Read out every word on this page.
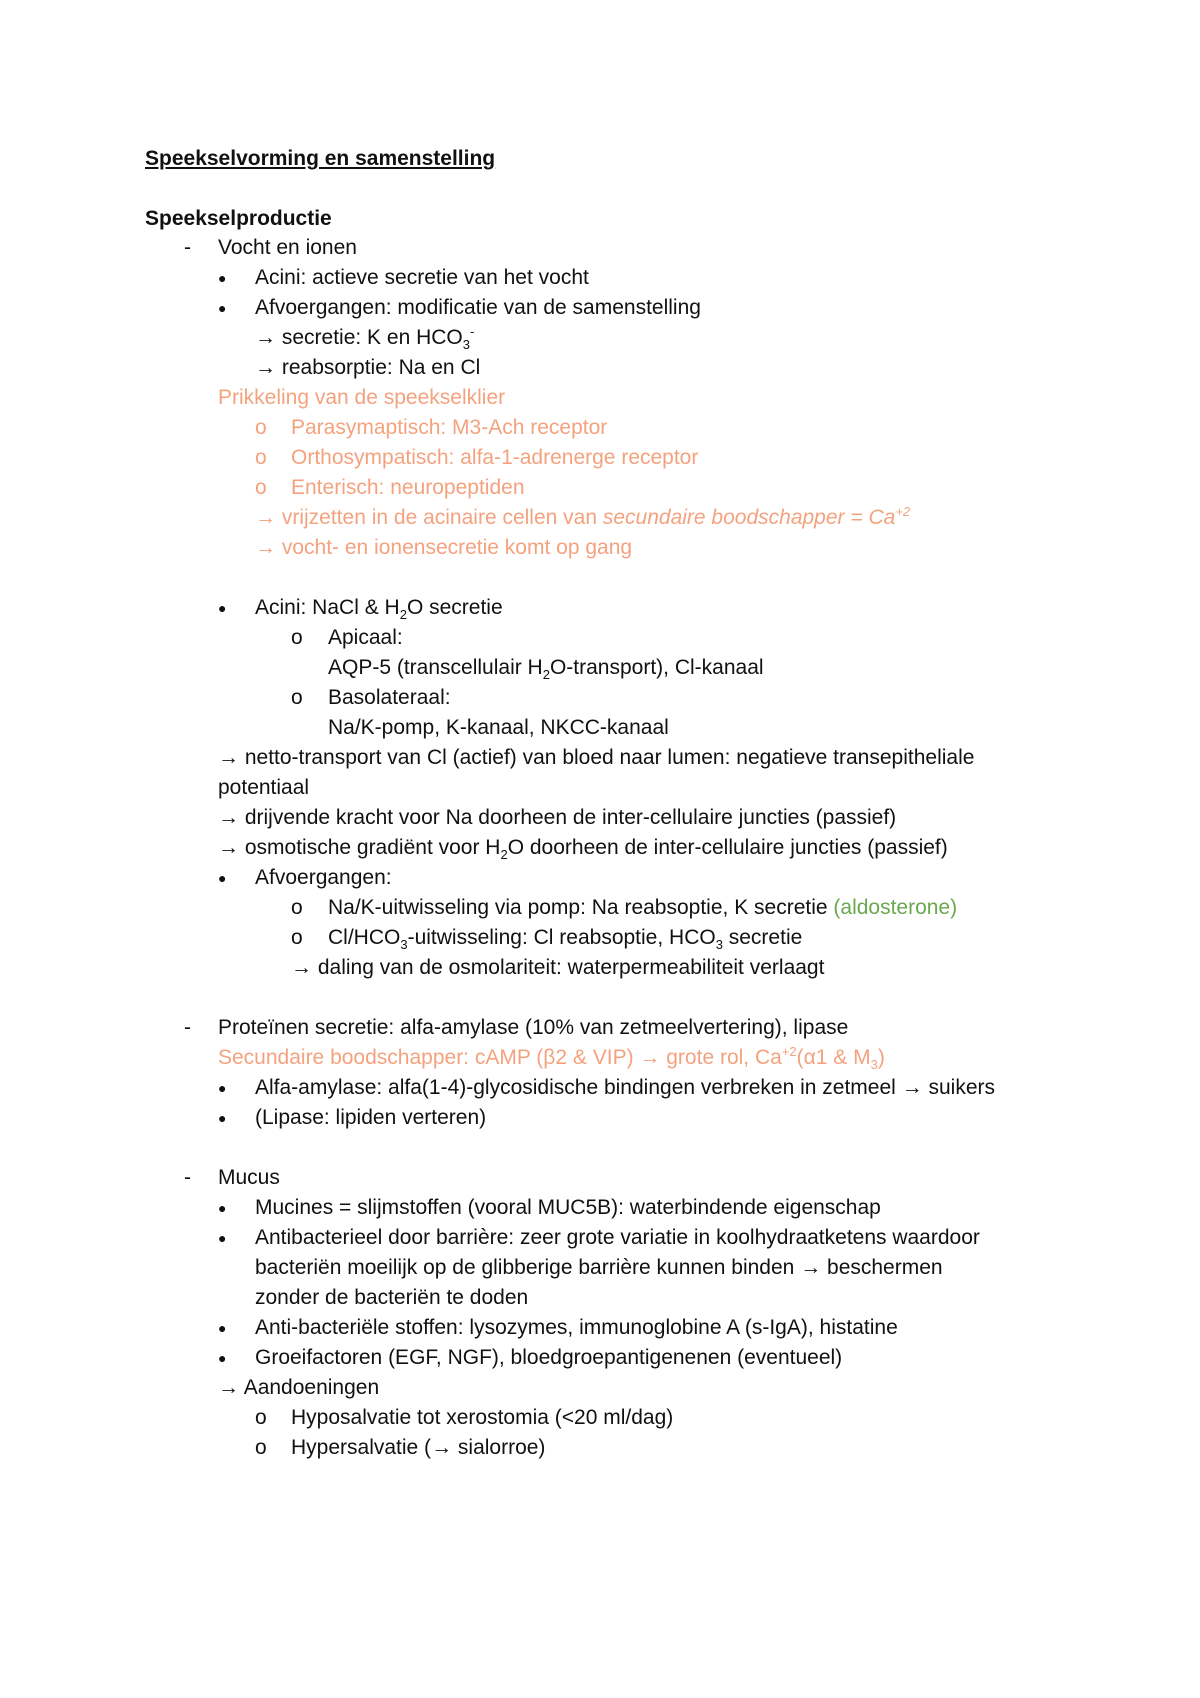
Speekselvorming en samenstelling
Speekselproductie
- Vocht en ionen
● Acini: actieve secretie van het vocht
● Afvoergangen: modificatie van de samenstelling
→ secretie: K en $HCO_3^-$
→ reabsorptie: Na en Cl
Prikkeling van de speekselklier
o Parasymaptisch: M3-Ach receptor
o Orthosympatisch: alfa-1-adrenerge receptor
o Enterisch: neuropeptiden
→ vrijzetten in de acinaire cellen van secundaire boodschapper = $Ca^{+2}$
→ vocht- en ionensecretie komt op gang
● Acini: NaCl & $H_2O$ secretie
o Apicaal:
AQP-5 (transcellulair $H_2O-transport$), Cl-kanaal
o Basolateraal:
Na/K-pomp, K-kanaal, NKCC-kanaal
→ netto-transport van Cl (actief) van bloed naar lumen: negatieve transepitheliale
potentiaal
→ drijvende kracht voor Na doorheen de inter-cellulaire juncties (passief)
→ osmotische gradiënt voor $H_2O$ doorheen de inter-cellulaire juncties (passief)
● Afvoergangen:
o Na/K-uitwisseling via pomp: Na reabsoptie, K secretie (aldosterone)
o $Cl/HCO_3$-uitwisseling: Cl reabsoptie, $HCO_3$ secretie
→ daling van de osmolariteit: waterpermeabiliteit verlaagt
- Proteïnen secretie: alfa-amylase (10% van zetmeelvertering), lipase
Secundaire boodschapper: cAMP (β2 & VIP) → grote rol, $Ca^{+2}(\alpha 1$ & $M_3$)
● Alfa-amylase: alfa(1-4)-glycosidische bindingen verbreken in zetmeel → suikers
● (Lipase: lipiden verteren)
- Mucus
● Mucines = slijmstoffen (vooral MUC5B): waterbindende eigenschap
● Antibacterieel door barrière: zeer grote variatie in koolhydraatketens waardoor
bacteriën moeilijk op de glibberige barrière kunnen binden → beschermen
zonder de bacteriën te doden
● Anti-bacteriële stoffen: lysozymes, immunoglobine A (s-IgA), histatine
● Groeifactoren (EGF, NGF), bloedgroepantigenenen (eventueel)
→ Aandoeningen
o Hyposalvatie tot xerostomia (<20 ml/dag)
o Hypersalvatie (→ sialorroe)
